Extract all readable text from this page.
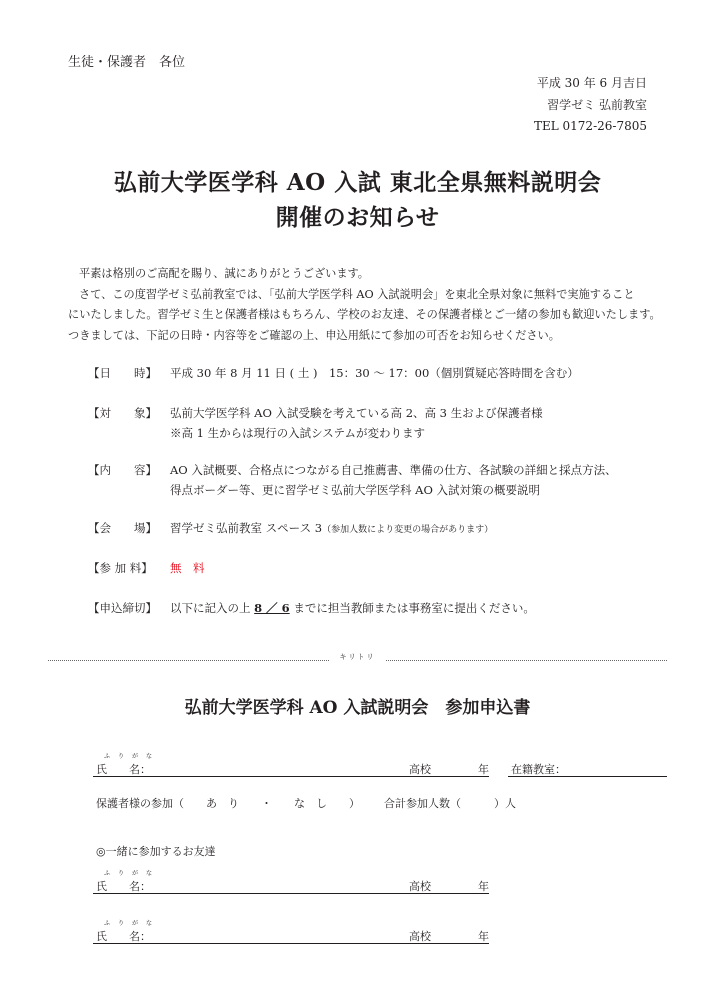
生徒・保護者　各位
平成 30 年 6 月吉日
習学ゼミ 弘前教室
TEL 0172-26-7805
弘前大学医学科 AO 入試 東北全県無料説明会
開催のお知らせ

平素は格別のご高配を賜り、誠にありがとうございます。

さて、この度習学ゼミ弘前教室では、「弘前大学医学科 AO 入試説明会」を東北全県対象に無料で実施すること

にいたしました。習学ゼミ生と保護者様はもちろん、学校のお友達、その保護者様とご一緒の参加も歓迎いたします。

つきましては、下記の日時・内容等をご確認の上、申込用紙にて参加の可否をお知らせください。

【日　　時】	平成 30 年 8 月 11 日 ( 土 )　15：30 ～ 17：00（個別質疑応答時間を含む）
【対　　象】	弘前大学医学科 AO 入試受験を考えている高 2、高 3 生および保護者様
※高 1 生からは現行の入試システムが変わります
【内　　容】	AO 入試概要、合格点につながる自己推薦書、準備の仕方、各試験の詳細と採点方法、
得点ボーダー等、更に習学ゼミ弘前大学医学科 AO 入試対策の概要説明
【会　　場】	習学ゼミ弘前教室 スペース 3（参加人数により変更の場合があります）
【参 加 料】	無　料
【申込締切】	以下に記入の上 8 ／ 6 までに担当教師または事務室に提出ください。
キリトリ
弘前大学医学科 AO 入試説明会　参加申込書
ふりがな
氏　　名：	高校	年 在籍教室：
保護者様の参加（　　あ　り　　・　　な　し　　） 合計参加人数（　　　）人
◎一緒に参加するお友達
ふりがな
氏　　名：	高校	年
ふりがな
氏　　名：	高校	年
